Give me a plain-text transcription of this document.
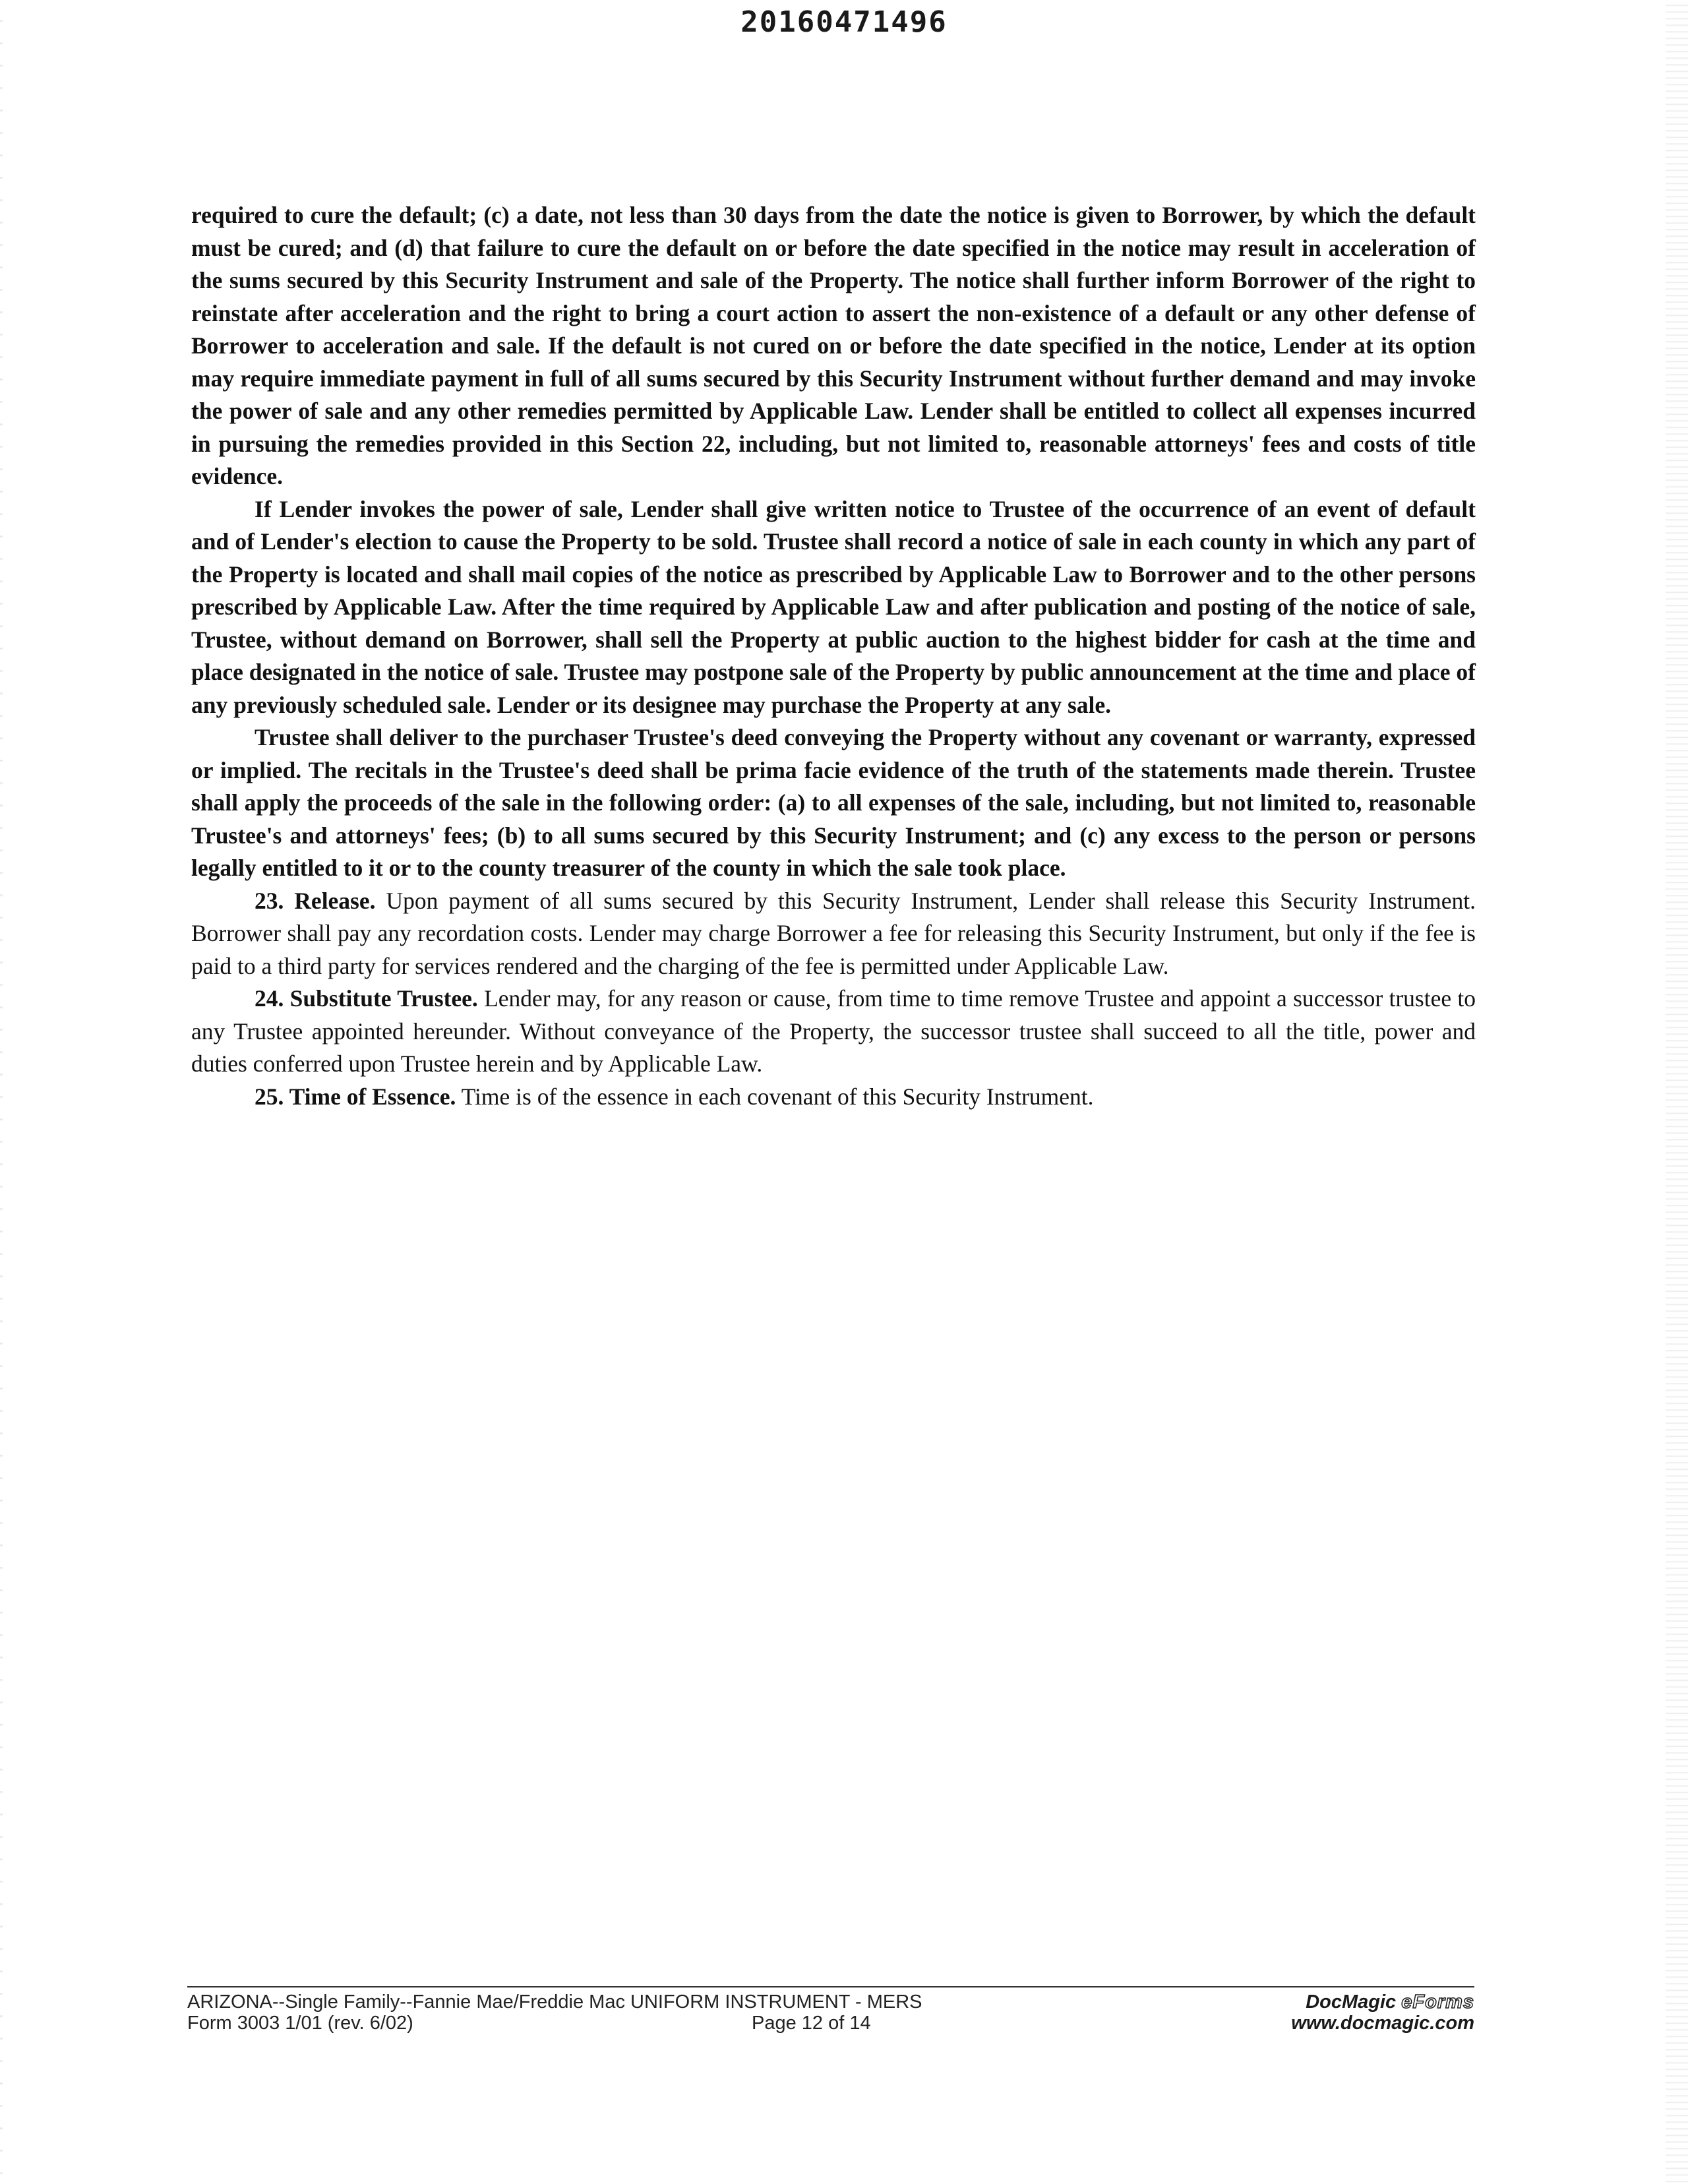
20160471496

required to cure the default; (c) a date, not less than 30 days from the date the notice is given to Borrower, by which the default must be cured; and (d) that failure to cure the default on or before the date specified in the notice may result in acceleration of the sums secured by this Security Instrument and sale of the Property. The notice shall further inform Borrower of the right to reinstate after acceleration and the right to bring a court action to assert the non-existence of a default or any other defense of Borrower to acceleration and sale. If the default is not cured on or before the date specified in the notice, Lender at its option may require immediate payment in full of all sums secured by this Security Instrument without further demand and may invoke the power of sale and any other remedies permitted by Applicable Law. Lender shall be entitled to collect all expenses incurred in pursuing the remedies provided in this Section 22, including, but not limited to, reasonable attorneys' fees and costs of title evidence.

If Lender invokes the power of sale, Lender shall give written notice to Trustee of the occurrence of an event of default and of Lender's election to cause the Property to be sold. Trustee shall record a notice of sale in each county in which any part of the Property is located and shall mail copies of the notice as prescribed by Applicable Law to Borrower and to the other persons prescribed by Applicable Law. After the time required by Applicable Law and after publication and posting of the notice of sale, Trustee, without demand on Borrower, shall sell the Property at public auction to the highest bidder for cash at the time and place designated in the notice of sale. Trustee may postpone sale of the Property by public announcement at the time and place of any previously scheduled sale. Lender or its designee may purchase the Property at any sale.

Trustee shall deliver to the purchaser Trustee's deed conveying the Property without any covenant or warranty, expressed or implied. The recitals in the Trustee's deed shall be prima facie evidence of the truth of the statements made therein. Trustee shall apply the proceeds of the sale in the following order: (a) to all expenses of the sale, including, but not limited to, reasonable Trustee's and attorneys' fees; (b) to all sums secured by this Security Instrument; and (c) any excess to the person or persons legally entitled to it or to the county treasurer of the county in which the sale took place.

23. Release. Upon payment of all sums secured by this Security Instrument, Lender shall release this Security Instrument. Borrower shall pay any recordation costs. Lender may charge Borrower a fee for releasing this Security Instrument, but only if the fee is paid to a third party for services rendered and the charging of the fee is permitted under Applicable Law.

24. Substitute Trustee. Lender may, for any reason or cause, from time to time remove Trustee and appoint a successor trustee to any Trustee appointed hereunder. Without conveyance of the Property, the successor trustee shall succeed to all the title, power and duties conferred upon Trustee herein and by Applicable Law.

25. Time of Essence. Time is of the essence in each covenant of this Security Instrument.

ARIZONA--Single Family--Fannie Mae/Freddie Mac UNIFORM INSTRUMENT - MERS
Form 3003 1/01 (rev. 6/02)	Page 12 of 14
DocMagic eForms
www.docmagic.com
